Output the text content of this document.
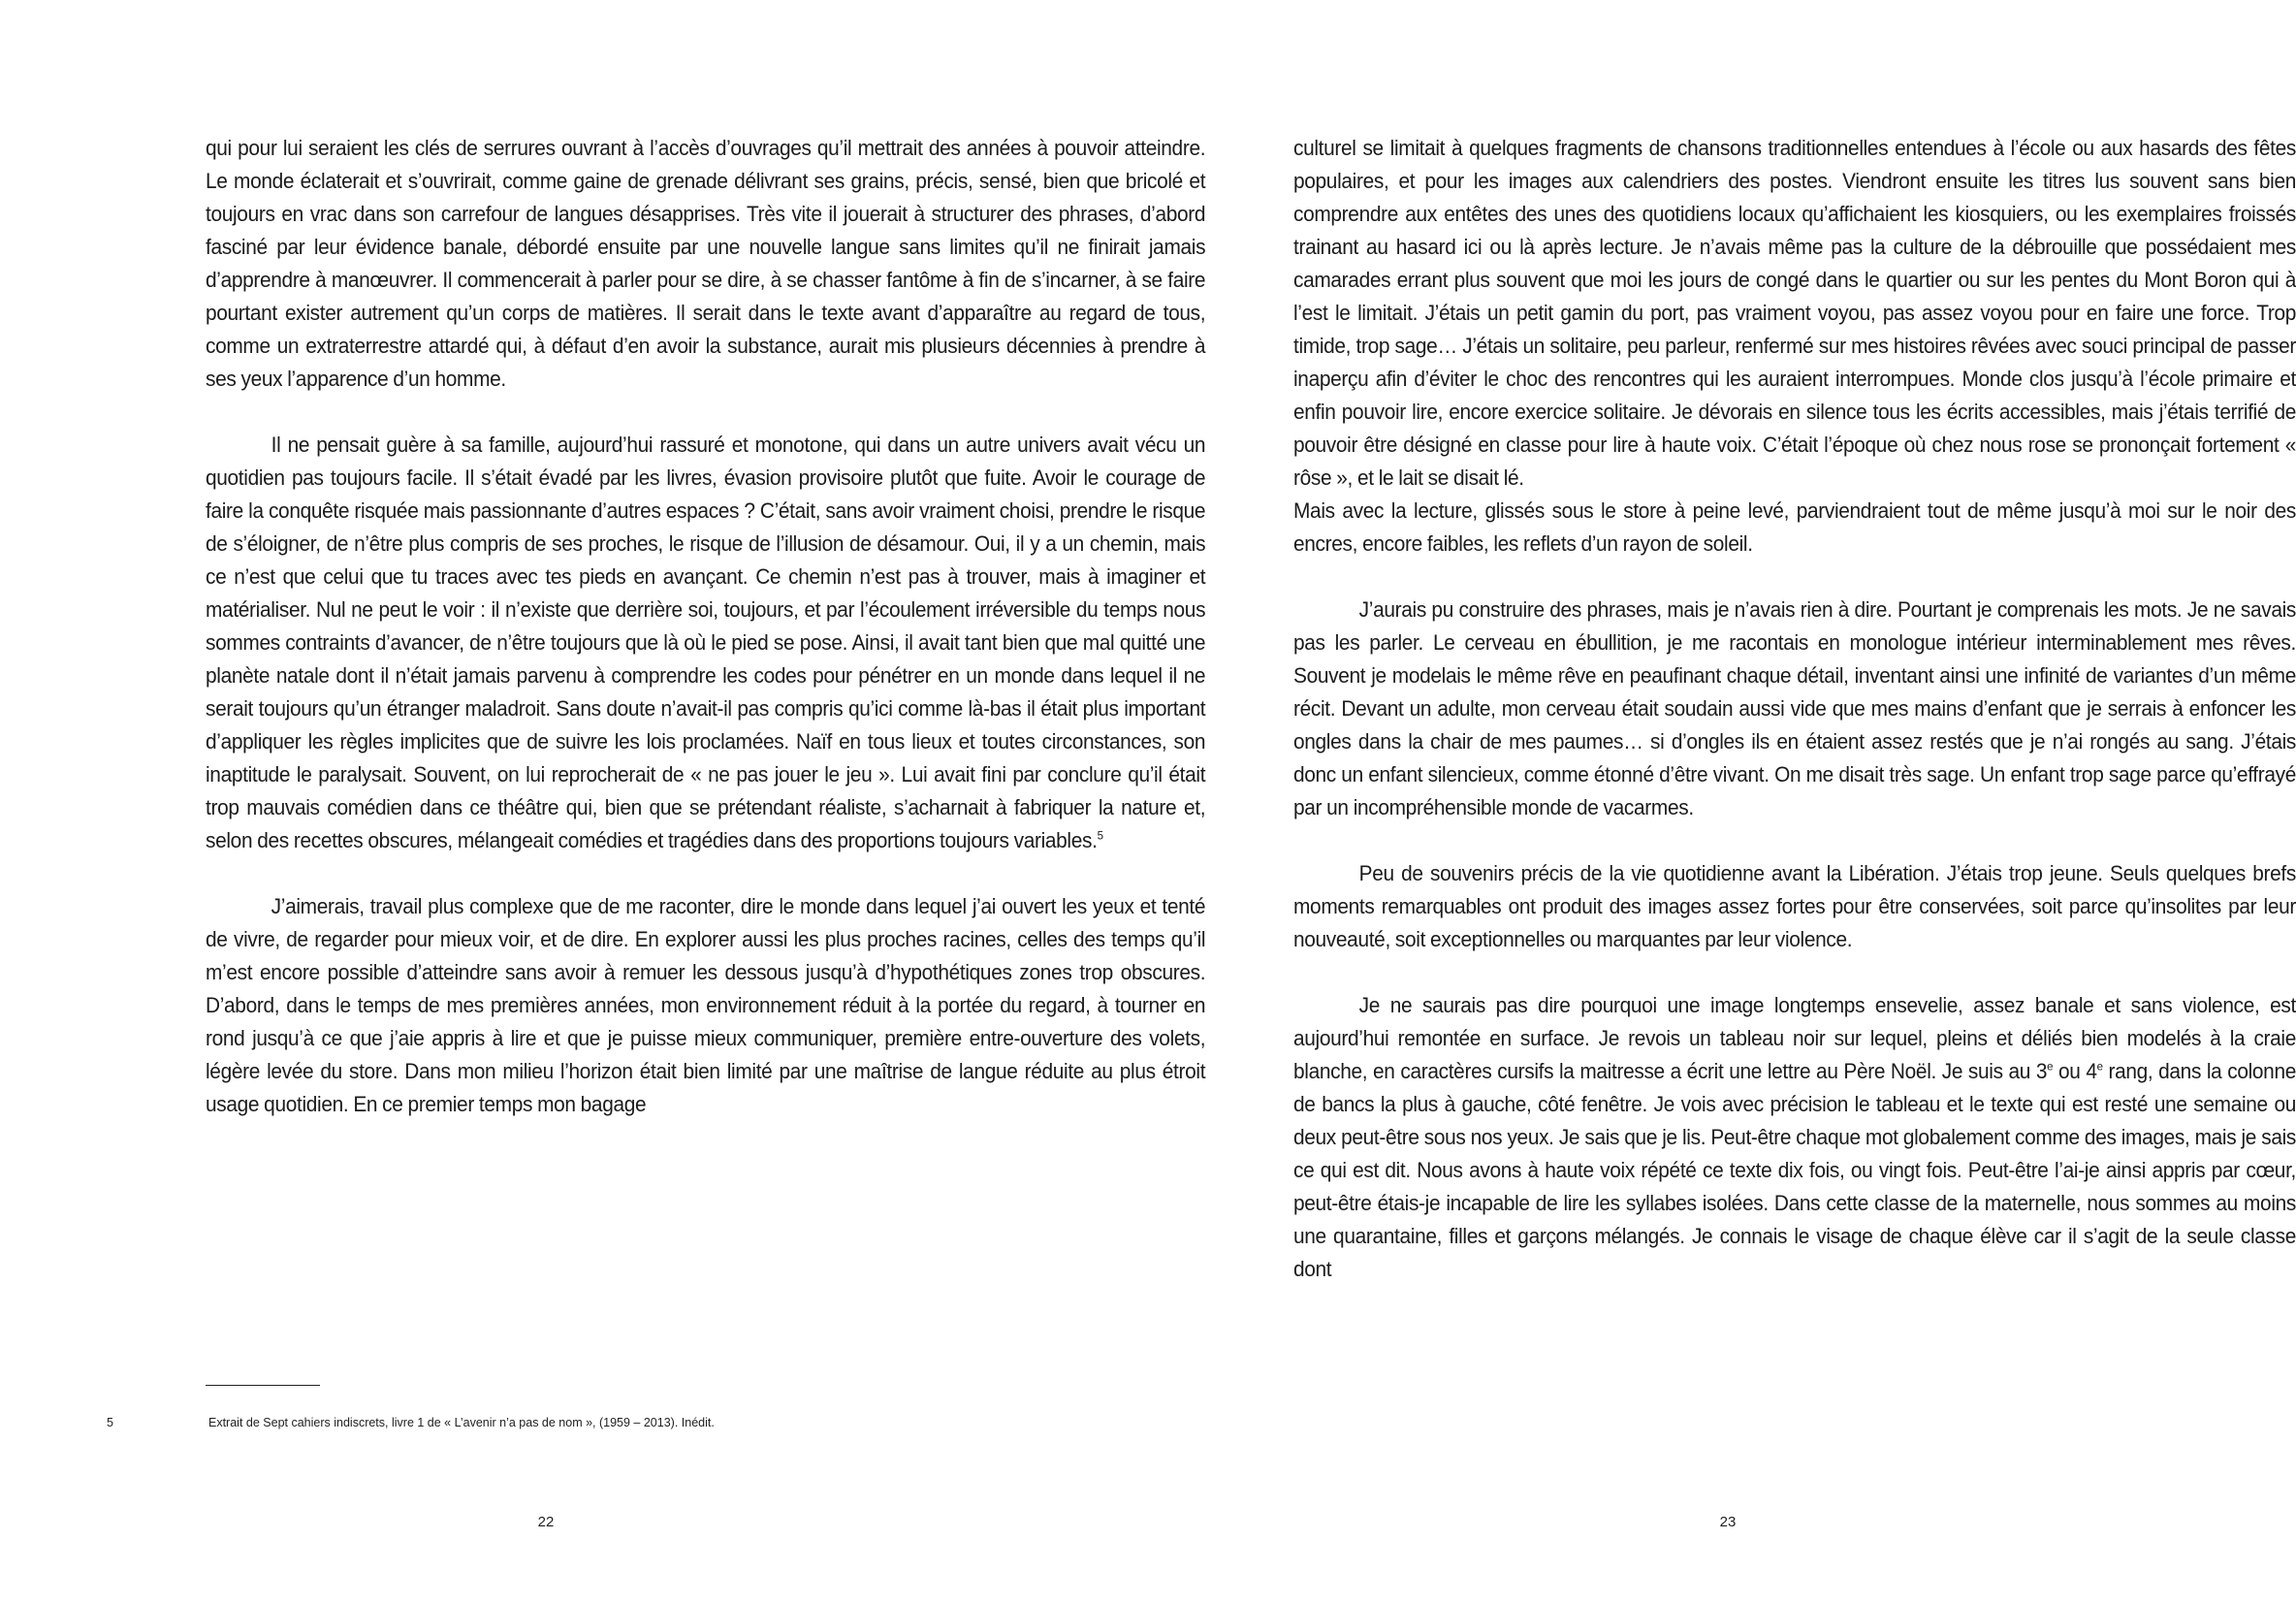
qui pour lui seraient les clés de serrures ouvrant à l’accès d’ouvrages qu’il mettrait des années à pouvoir atteindre. Le monde éclaterait et s’ouvrirait, comme gaine de grenade délivrant ses grains, précis, sensé, bien que bricolé et toujours en vrac dans son carrefour de langues désapprises. Très vite il jouerait à structurer des phrases, d’abord fasciné par leur évidence banale, débordé ensuite par une nouvelle langue sans limites qu’il ne finirait jamais d’apprendre à manœuvrer. Il commencerait à parler pour se dire, à se chasser fantôme à fin de s’incarner, à se faire pourtant exister autrement qu’un corps de matières. Il serait dans le texte avant d’apparaître au regard de tous, comme un extraterrestre attardé qui, à défaut d’en avoir la substance, aurait mis plusieurs décennies à prendre à ses yeux l’apparence d’un homme.

Il ne pensait guère à sa famille, aujourd’hui rassuré et monotone, qui dans un autre univers avait vécu un quotidien pas toujours facile. Il s’était évadé par les livres, évasion provisoire plutôt que fuite. Avoir le courage de faire la conquête risquée mais passionnante d’autres espaces ? C’était, sans avoir vraiment choisi, prendre le risque de s’éloigner, de n’être plus compris de ses proches, le risque de l’illusion de désamour. Oui, il y a un chemin, mais ce n’est que celui que tu traces avec tes pieds en avançant. Ce chemin n’est pas à trouver, mais à imaginer et matérialiser. Nul ne peut le voir : il n’existe que derrière soi, toujours, et par l’écoulement irréversible du temps nous sommes contraints d’avancer, de n’être toujours que là où le pied se pose. Ainsi, il avait tant bien que mal quitté une planète natale dont il n’était jamais parvenu à comprendre les codes pour pénétrer en un monde dans lequel il ne serait toujours qu’un étranger maladroit. Sans doute n’avait-il pas compris qu’ici comme là-bas il était plus important d’appliquer les règles implicites que de suivre les lois proclamées. Naïf en tous lieux et toutes circonstances, son inaptitude le paralysait. Souvent, on lui reprocherait de « ne pas jouer le jeu ». Lui avait fini par conclure qu’il était trop mauvais comédien dans ce théâtre qui, bien que se prétendant réaliste, s’acharnait à fabriquer la nature et, selon des recettes obscures, mélangeait comédies et tragédies dans des proportions toujours variables.$^5$

J’aimerais, travail plus complexe que de me raconter, dire le monde dans lequel j’ai ouvert les yeux et tenté de vivre, de regarder pour mieux voir, et de dire. En explorer aussi les plus proches racines, celles des temps qu’il m’est encore possible d’atteindre sans avoir à remuer les dessous jusqu’à d’hypothétiques zones trop obscures. D’abord, dans le temps de mes premières années, mon environnement réduit à la portée du regard, à tourner en rond jusqu’à ce que j’aie appris à lire et que je puisse mieux communiquer, première entre-ouverture des volets, légère levée du store. Dans mon milieu l’horizon était bien limité par une maîtrise de langue réduite au plus étroit usage quotidien. En ce premier temps mon bagage

5	Extrait de Sept cahiers indiscrets, livre 1 de « L’avenir n’a pas de nom », (1959 – 2013). Inédit.
22

culturel se limitait à quelques fragments de chansons traditionnelles entendues à l’école ou aux hasards des fêtes populaires, et pour les images aux calendriers des postes. Viendront ensuite les titres lus souvent sans bien comprendre aux entêtes des unes des quotidiens locaux qu’affichaient les kiosquiers, ou les exemplaires froissés trainant au hasard ici ou là après lecture. Je n’avais même pas la culture de la débrouille que possédaient mes camarades errant plus souvent que moi les jours de congé dans le quartier ou sur les pentes du Mont Boron qui à l’est le limitait. J’étais un petit gamin du port, pas vraiment voyou, pas assez voyou pour en faire une force. Trop timide, trop sage… J’étais un solitaire, peu parleur, renfermé sur mes histoires rêvées avec souci principal de passer inaperçu afin d’éviter le choc des rencontres qui les auraient interrompues. Monde clos jusqu’à l’école primaire et enfin pouvoir lire, encore exercice solitaire. Je dévorais en silence tous les écrits accessibles, mais j’étais terrifié de pouvoir être désigné en classe pour lire à haute voix. C’était l’époque où chez nous rose se prononçait fortement « rôse », et le lait se disait lé.

Mais avec la lecture, glissés sous le store à peine levé, parviendraient tout de même jusqu’à moi sur le noir des encres, encore faibles, les reflets d’un rayon de soleil.

J’aurais pu construire des phrases, mais je n’avais rien à dire. Pourtant je comprenais les mots. Je ne savais pas les parler. Le cerveau en ébullition, je me racontais en monologue intérieur interminablement mes rêves. Souvent je modelais le même rêve en peaufinant chaque détail, inventant ainsi une infinité de variantes d’un même récit. Devant un adulte, mon cerveau était soudain aussi vide que mes mains d’enfant que je serrais à enfoncer les ongles dans la chair de mes paumes… si d’ongles ils en étaient assez restés que je n’ai rongés au sang. J’étais donc un enfant silencieux, comme étonné d’être vivant. On me disait très sage. Un enfant trop sage parce qu’effrayé par un incompréhensible monde de vacarmes.

Peu de souvenirs précis de la vie quotidienne avant la Libération. J’étais trop jeune. Seuls quelques brefs moments remarquables ont produit des images assez fortes pour être conservées, soit parce qu’insolites par leur nouveauté, soit exceptionnelles ou marquantes par leur violence.

Je ne saurais pas dire pourquoi une image longtemps ensevelie, assez banale et sans violence, est aujourd’hui remontée en surface. Je revois un tableau noir sur lequel, pleins et déliés bien modelés à la craie blanche, en caractères cursifs la maitresse a écrit une lettre au Père Noël. Je suis au 3e ou 4e rang, dans la colonne de bancs la plus à gauche, côté fenêtre. Je vois avec précision le tableau et le texte qui est resté une semaine ou deux peut-être sous nos yeux. Je sais que je lis. Peut-être chaque mot globalement comme des images, mais je sais ce qui est dit. Nous avons à haute voix répété ce texte dix fois, ou vingt fois. Peut-être l’ai-je ainsi appris par cœur, peut-être étais-je incapable de lire les syllabes isolées. Dans cette classe de la maternelle, nous sommes au moins une quarantaine, filles et garçons mélangés. Je connais le visage de chaque élève car il s’agit de la seule classe dont

23
